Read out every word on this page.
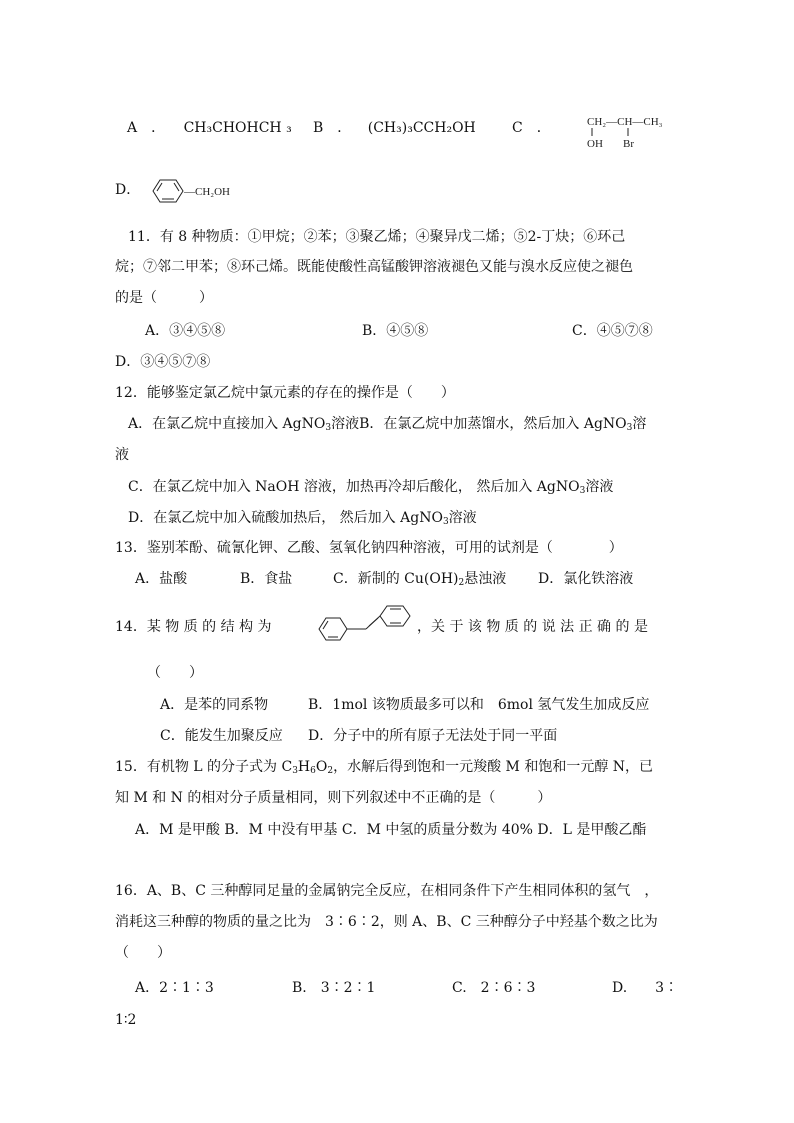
A　． CH₃CHOHCH ₃ B　． (CH₃)₃CCH₂OH	C　．	CH₂—CH—CH₃
OH Br
D．	—CH₂OH
11．有 8 种物质：①甲烷；②苯；③聚乙烯；④聚异戊二烯；⑤2-丁炔；⑥环己
烷；⑦邻二甲苯；⑧环己烯。既能使酸性高锰酸钾溶液褪色又能与溴水反应使之褪色
的是（　　　）
A．③④⑤⑧	B．④⑤⑧	C．④⑤⑦⑧
D．③④⑤⑦⑧
12．能够鉴定氯乙烷中氯元素的存在的操作是（　　）
A．在氯乙烷中直接加入 AgNO$_3$溶液B．在氯乙烷中加蒸馏水，然后加入 AgNO$_3$溶
液
C．在氯乙烷中加入 NaOH 溶液，加热再冷却后酸化， 然后加入 AgNO$_3$溶液
D．在氯乙烷中加入硫酸加热后， 然后加入 AgNO$_3$溶液
13．鉴别苯酚、硫氰化钾、乙酸、氢氧化钠四种溶液，可用的试剂是（　　　　）
A．盐酸	B．食盐	C．新制的 $Cu(OH)_2$悬浊液 D．氯化铁溶液
14．某 物 质 的 结 构 为	，关 于 该 物 质 的 说 法 正 确 的 是
（　　）
A．是苯的同系物	B．1mol 该物质最多可以和　6mol 氢气发生加成反应
C．能发生加聚反应 D．分子中的所有原子无法处于同一平面
15．有机物 L 的分子式为 $C_3H_6O_2$，水解后得到饱和一元羧酸 M 和饱和一元醇 N，已
知 M 和 N 的相对分子质量相同，则下列叙述中不正确的是（　　　）
A．M 是甲酸 B．M 中没有甲基 C．M 中氢的质量分数为 40% D．L 是甲酸乙酯
16．A、B、C 三种醇同足量的金属钠完全反应，在相同条件下产生相同体积的氢气　，
消耗这三种醇的物质的量之比为　3∶6∶2，则 A、B、C 三种醇分子中羟基个数之比为
（　　）
A．2∶1∶3	B.　3∶2∶1	C.　2∶6∶3	D.　　3∶
1∶2
